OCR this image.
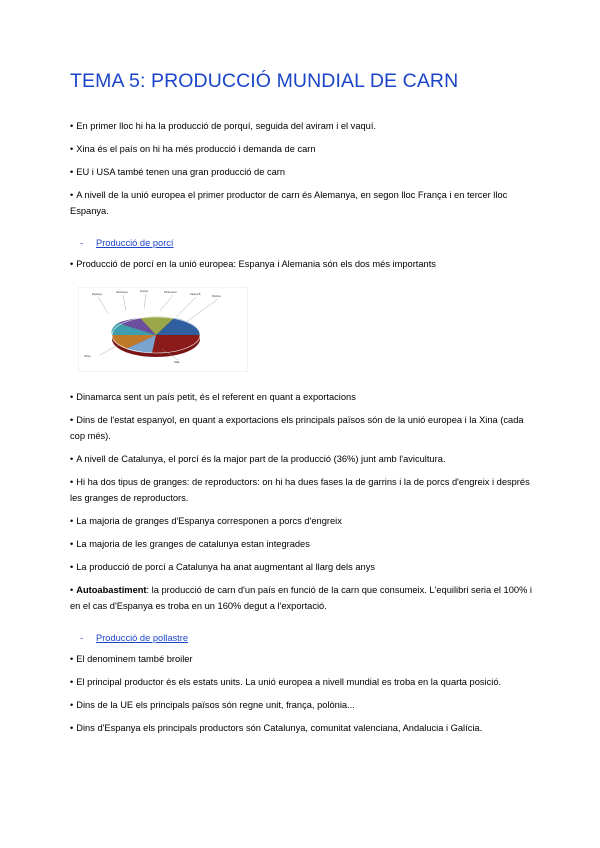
TEMA 5: PRODUCCIÓ MUNDIAL DE CARN

• En primer lloc hi ha la producció de porquí, seguida del aviram i el vaquí.

• Xina és el país on hi ha més producció i demanda de carn

• EU i USA també tenen una gran producció de carn

• A nivell de la unió europea el primer productor de carn és Alemanya, en segon lloc França i en tercer lloc Espanya.

- Producció de porcí

• Producció de porcí en la unió europea: Espanya i Alemania són els dos més importants

Espanya
Alemanya	França	Dinamarca
Països B.
Polònia
Altres
Itàlia

• Dinamarca sent un país petit, és el referent en quant a exportacions

• Dins de l'estat espanyol, en quant a exportacions els principals països són de la unió europea i la Xina (cada cop més).

• A nivell de Catalunya, el porcí és la major part de la producció (36%) junt amb l'avicultura.

• Hi ha dos tipus de granges: de reproductors: on hi ha dues fases la de garrins i la de porcs d'engreix i després les granges de reproductors.

• La majoria de granges d'Espanya corresponen a porcs d'engreix

• La majoria de les granges de catalunya estan integrades

• La producció de porcí a Catalunya ha anat augmentant al llarg dels anys

• Autoabastiment: la producció de carn d'un país en funció de la carn que consumeix. L'equilibri seria el 100% i en el cas d'Espanya es troba en un 160% degut a l'exportació.

- Producció de pollastre

• El denominem també broiler

• El principal productor és els estats units. La unió europea a nivell mundial es troba en la quarta posició.

• Dins de la UE els principals països són regne unit, frança, polònia...

• Dins d'Espanya els principals productors són Catalunya, comunitat valenciana, Andalucia i Galícia.
